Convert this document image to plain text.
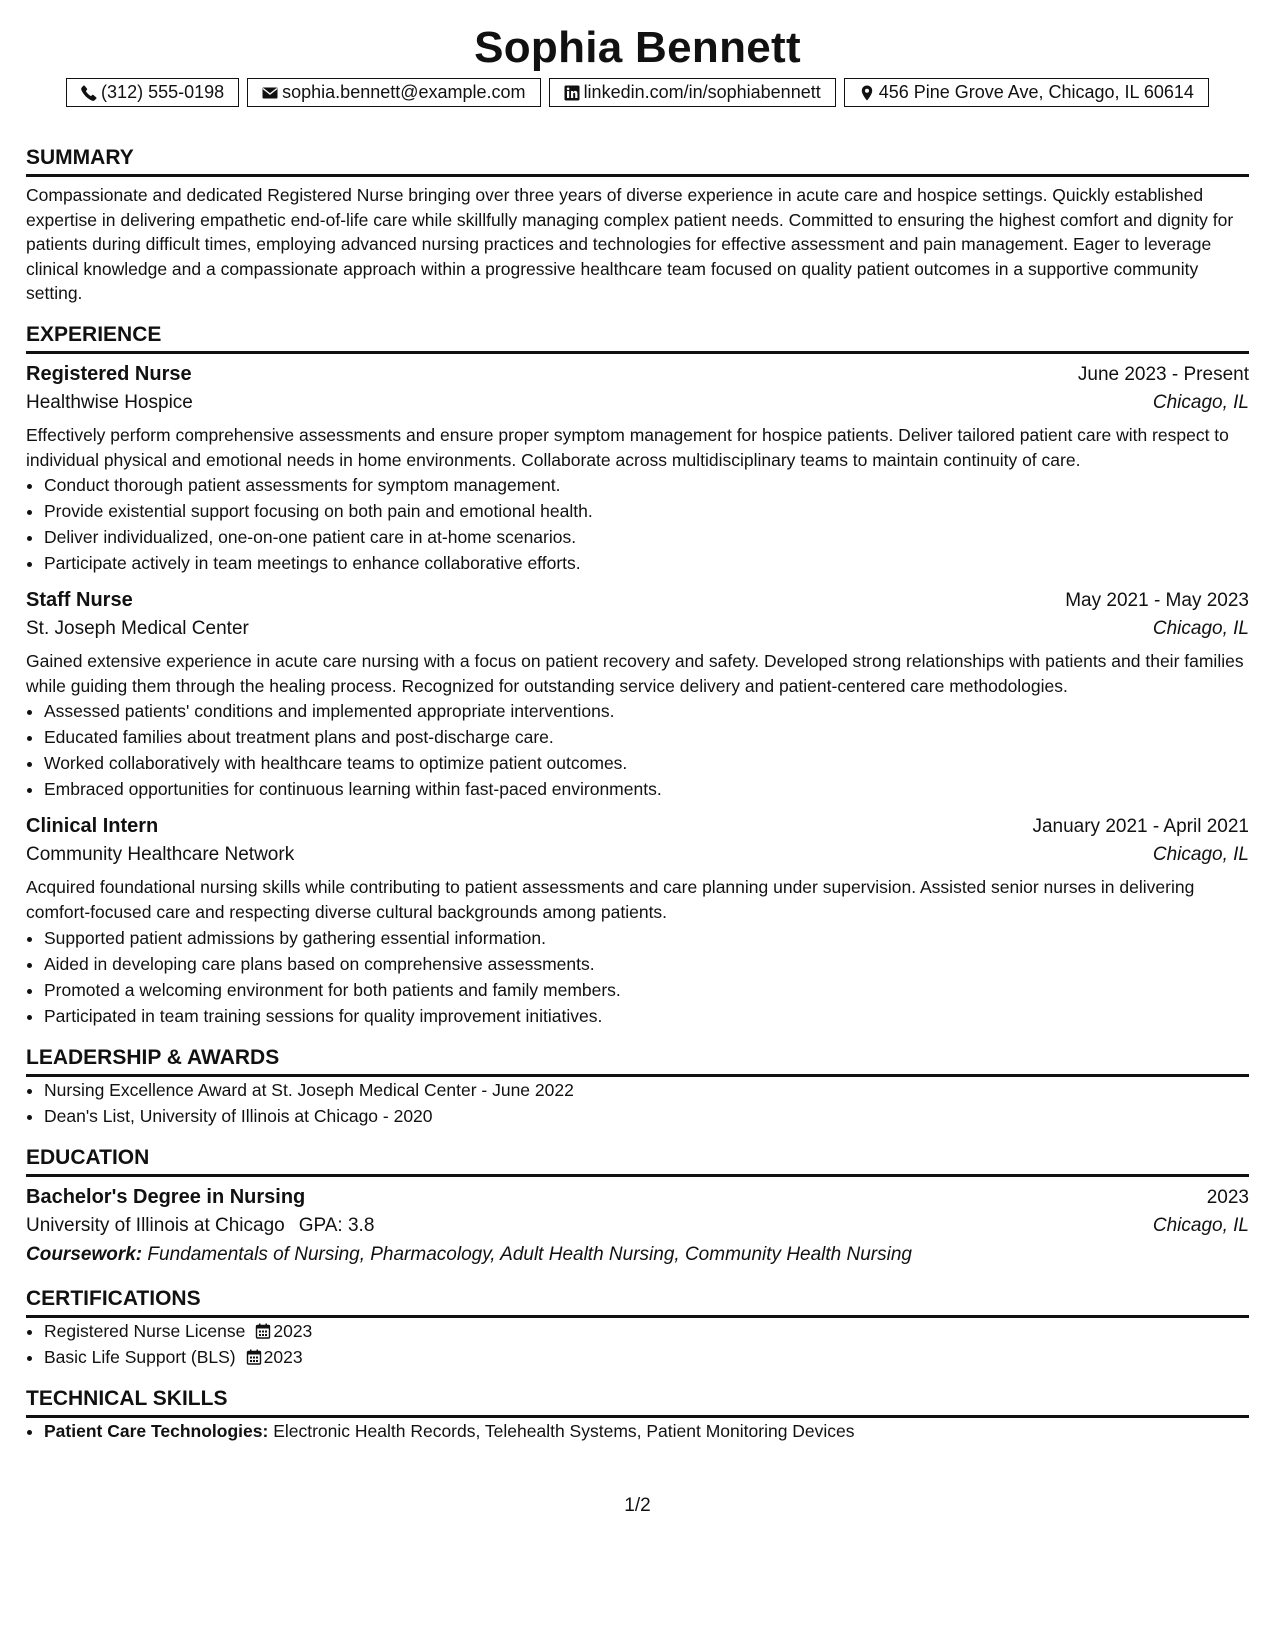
Sophia Bennett
(312) 555-0198	sophia.bennett@example.com	linkedin.com/in/sophiabennett	456 Pine Grove Ave, Chicago, IL 60614
SUMMARY

Compassionate and dedicated Registered Nurse bringing over three years of diverse experience in acute care and hospice settings. Quickly established expertise in delivering empathetic end-of-life care while skillfully managing complex patient needs. Committed to ensuring the highest comfort and dignity for patients during difficult times, employing advanced nursing practices and technologies for effective assessment and pain management. Eager to leverage clinical knowledge and a compassionate approach within a progressive healthcare team focused on quality patient outcomes in a supportive community setting.

EXPERIENCE
Registered Nurse	June 2023 - Present
Healthwise Hospice	Chicago, IL

Effectively perform comprehensive assessments and ensure proper symptom management for hospice patients. Deliver tailored patient care with respect to individual physical and emotional needs in home environments. Collaborate across multidisciplinary teams to maintain continuity of care.

• Conduct thorough patient assessments for symptom management.
• Provide existential support focusing on both pain and emotional health.
• Deliver individualized, one-on-one patient care in at-home scenarios.
• Participate actively in team meetings to enhance collaborative efforts.
Staff Nurse	May 2021 - May 2023
St. Joseph Medical Center	Chicago, IL

Gained extensive experience in acute care nursing with a focus on patient recovery and safety. Developed strong relationships with patients and their families while guiding them through the healing process. Recognized for outstanding service delivery and patient-centered care methodologies.

• Assessed patients' conditions and implemented appropriate interventions.
• Educated families about treatment plans and post-discharge care.
• Worked collaboratively with healthcare teams to optimize patient outcomes.
• Embraced opportunities for continuous learning within fast-paced environments.
Clinical Intern	January 2021 - April 2021
Community Healthcare Network	Chicago, IL

Acquired foundational nursing skills while contributing to patient assessments and care planning under supervision. Assisted senior nurses in delivering comfort-focused care and respecting diverse cultural backgrounds among patients.

• Supported patient admissions by gathering essential information.
• Aided in developing care plans based on comprehensive assessments.
• Promoted a welcoming environment for both patients and family members.
• Participated in team training sessions for quality improvement initiatives.
LEADERSHIP & AWARDS
• Nursing Excellence Award at St. Joseph Medical Center - June 2022
• Dean's List, University of Illinois at Chicago - 2020
EDUCATION
Bachelor's Degree in Nursing	2023
University of Illinois at Chicago GPA: 3.8	Chicago, IL
Coursework: Fundamentals of Nursing, Pharmacology, Adult Health Nursing, Community Health Nursing
CERTIFICATIONS
• Registered Nurse License 2023
• Basic Life Support (BLS) 2023
TECHNICAL SKILLS
• Patient Care Technologies: Electronic Health Records, Telehealth Systems, Patient Monitoring Devices
1/2
